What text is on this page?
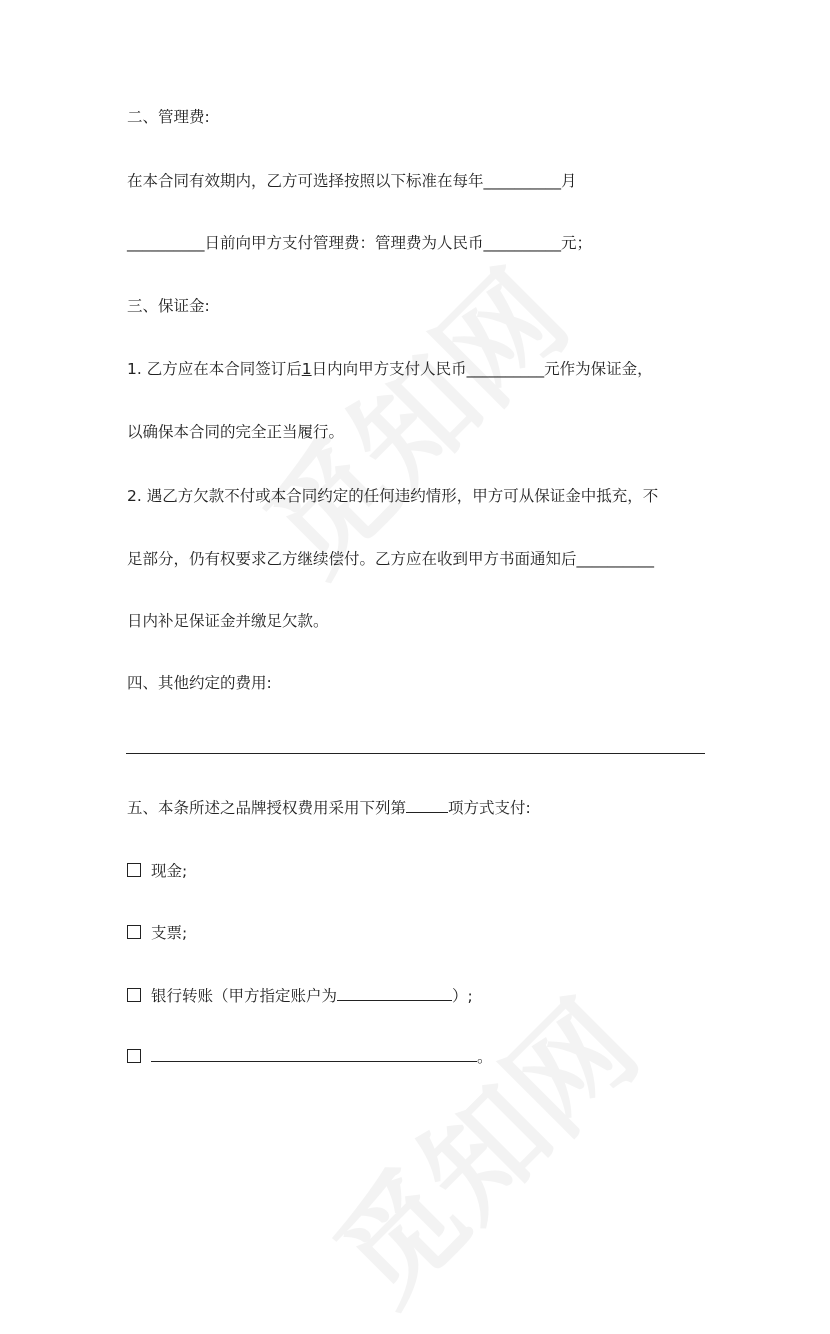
二、管理费:
在本合同有效期内，乙方可选择按照以下标准在每年__________月
__________日前向甲方支付管理费：管理费为人民币__________元；
三、保证金:
1. 乙方应在本合同签订后1日内向甲方支付人民币__________元作为保证金，
以确保本合同的完全正当履行。
2. 遇乙方欠款不付或本合同约定的任何违约情形，甲方可从保证金中抵充，不
足部分，仍有权要求乙方继续偿付。乙方应在收到甲方书面通知后__________
日内补足保证金并缴足欠款。
四、其他约定的费用:
五、本条所述之品牌授权费用采用下列第	项方式支付:
现金;
支票;
银行转账（甲方指定账户为	）;
。
